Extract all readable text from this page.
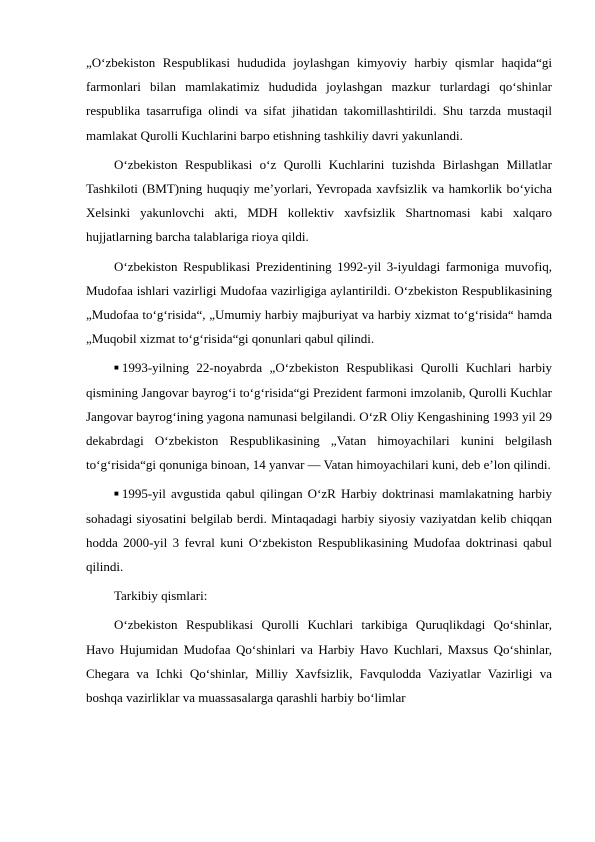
„O‘zbekiston Respublikasi hududida joylashgan kimyoviy harbiy qismlar haqida“gi farmonlari bilan mamlakatimiz hududida joylashgan mazkur turlardagi qo‘shinlar respublika tasarrufiga olindi va sifat jihatidan takomillashtirildi. Shu tarzda mustaqil mamlakat Qurolli Kuchlarini barpo etishning tashkiliy davri yakunlandi.

O‘zbekiston Respublikasi o‘z Qurolli Kuchlarini tuzishda Birlashgan Millatlar Tashkiloti (BMT)ning huquqiy me’yorlari, Yevropada xavfsizlik va hamkorlik bo‘yicha Xelsinki yakunlovchi akti, MDH kollektiv xavfsizlik Shartnomasi kabi xalqaro hujjatlarning barcha talablariga rioya qildi.

O‘zbekiston Respublikasi Prezidentining 1992-yil 3-iyuldagi farmoniga muvofiq, Mudofaa ishlari vazirligi Mudofaa vazirligiga aylantirildi. O‘zbekiston Respublikasining „Mudofaa to‘g‘risida“, „Umumiy harbiy majburiyat va harbiy xizmat to‘g‘risida“ hamda „Muqobil xizmat to‘g‘risida“gi qonunlari qabul qilindi.

■ 1993-yilning 22-noyabrda „O‘zbekiston Respublikasi Qurolli Kuchlari harbiy qismining Jangovar bayrog‘i to‘g‘risida“gi Prezident farmoni imzolanib, Qurolli Kuchlar Jangovar bayrog‘ining yagona namunasi belgilandi. O‘zR Oliy Kengashining 1993 yil 29 dekabrdagi O‘zbekiston Respublikasining „Vatan himoyachilari kunini belgilash to‘g‘risida“gi qonuniga binoan, 14 yanvar — Vatan himoyachilari kuni, deb e’lon qilindi.
■ 1995-yil avgustida qabul qilingan O‘zR Harbiy doktrinasi mamlakatning harbiy sohadagi siyosatini belgilab berdi. Mintaqadagi harbiy siyosiy vaziyatdan kelib chiqqan hodda 2000-yil 3 fevral kuni O‘zbekiston Respublikasining Mudofaa doktrinasi qabul qilindi.

Tarkibiy qismlari:

O‘zbekiston Respublikasi Qurolli Kuchlari tarkibiga Quruqlikdagi Qo‘shinlar, Havo Hujumidan Mudofaa Qo‘shinlari va Harbiy Havo Kuchlari, Maxsus Qo‘shinlar, Chegara va Ichki Qo‘shinlar, Milliy Xavfsizlik, Favqulodda Vaziyatlar Vazirligi va boshqa vazirliklar va muassasalarga qarashli harbiy bo‘limlar
